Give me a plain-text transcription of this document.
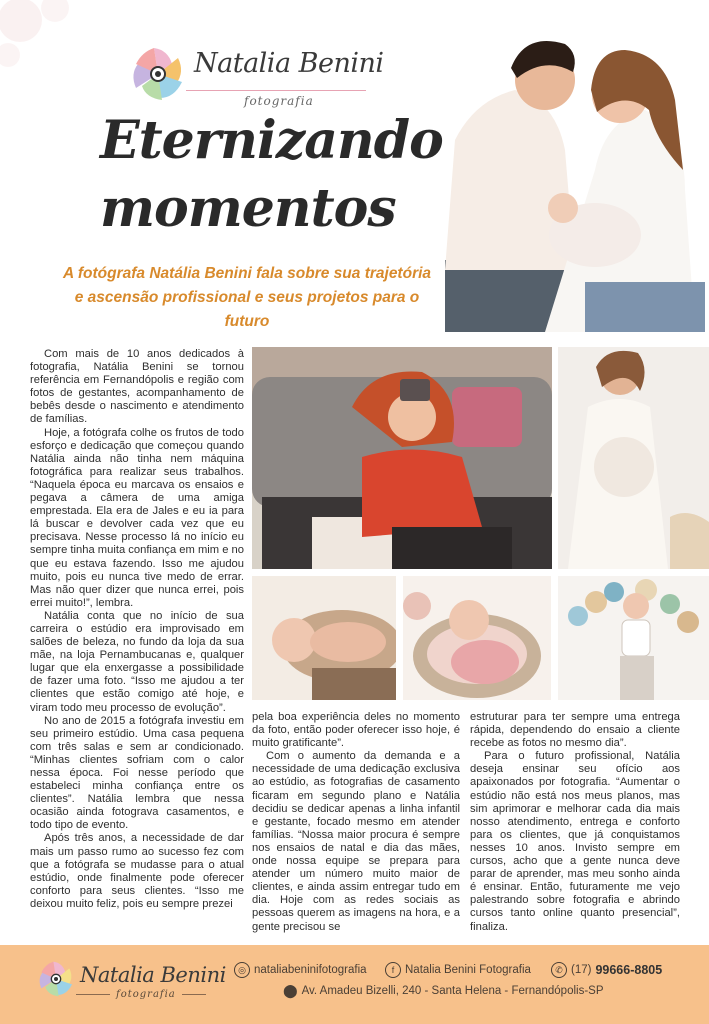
Natalia Benini
fotografia
Eternizando
momentos
A fotógrafa Natália Benini fala sobre sua trajetória e ascensão profissional e seus projetos para o futuro

Com mais de 10 anos dedicados à fotografia, Natália Benini se tornou referência em Fernandópolis e região com fotos de gestantes, acompanhamento de bebês desde o nascimento e atendimento de famílias.

Hoje, a fotógrafa colhe os frutos de todo esforço e dedicação que começou quando Natália ainda não tinha nem máquina fotográfica para realizar seus trabalhos. “Naquela época eu marcava os ensaios e pegava a câmera de uma amiga emprestada. Ela era de Jales e eu ia para lá buscar e devolver cada vez que eu precisava. Nesse processo lá no início eu sempre tinha muita confiança em mim e no que eu estava fazendo. Isso me ajudou muito, pois eu nunca tive medo de errar. Mas não quer dizer que nunca errei, pois errei muito!”, lembra.

Natália conta que no início de sua carreira o estúdio era improvisado em salões de beleza, no fundo da loja da sua mãe, na loja Pernambucanas e, qualquer lugar que ela enxergasse a possibilidade de fazer uma foto. “Isso me ajudou a ter clientes que estão comigo até hoje, e viram todo meu processo de evolução”.

No ano de 2015 a fotógrafa investiu em seu primeiro estúdio. Uma casa pequena com três salas e sem ar condicionado. “Minhas clientes sofriam com o calor nessa época. Foi nesse período que estabeleci minha confiança entre os clientes”. Natália lembra que nessa ocasião ainda fotograva casamentos, e todo tipo de evento.

Após três anos, a necessidade de dar mais um passo rumo ao sucesso fez com que a fotógrafa se mudasse para o atual estúdio, onde finalmente pode oferecer conforto para seus clientes. “Isso me deixou muito feliz, pois eu sempre prezei

pela boa experiência deles no momento da foto, então poder oferecer isso hoje, é muito gratificante”.

Com o aumento da demanda e a necessidade de uma dedicação exclusiva ao estúdio, as fotografias de casamento ficaram em segundo plano e Natália decidiu se dedicar apenas a linha infantil e gestante, focado mesmo em atender famílias. “Nossa maior procura é sempre nos ensaios de natal e dia das mães, onde nossa equipe se prepara para atender um número muito maior de clientes, e ainda assim entregar tudo em dia. Hoje com as redes sociais as pessoas querem as imagens na hora, e a gente precisou se

estruturar para ter sempre uma entrega rápida, dependendo do ensaio a cliente recebe as fotos no mesmo dia”.

Para o futuro profissional, Natália deseja ensinar seu ofício aos apaixonados por fotografia. “Aumentar o estúdio não está nos meus planos, mas sim aprimorar e melhorar cada dia mais nosso atendimento, entrega e conforto para os clientes, que já conquistamos nesses 10 anos. Invisto sempre em cursos, acho que a gente nunca deve parar de aprender, mas meu sonho ainda é ensinar. Então, futuramente me vejo palestrando sobre fotografia e abrindo cursos tanto online quanto presencial”, finaliza.

Natalia Benini
fotografia
◎ nataliabeninifotografia	f Natalia Benini Fotografia	✆ (17) 99666-8805
⬤ Av. Amadeu Bizelli, 240 - Santa Helena - Fernandópolis-SP
